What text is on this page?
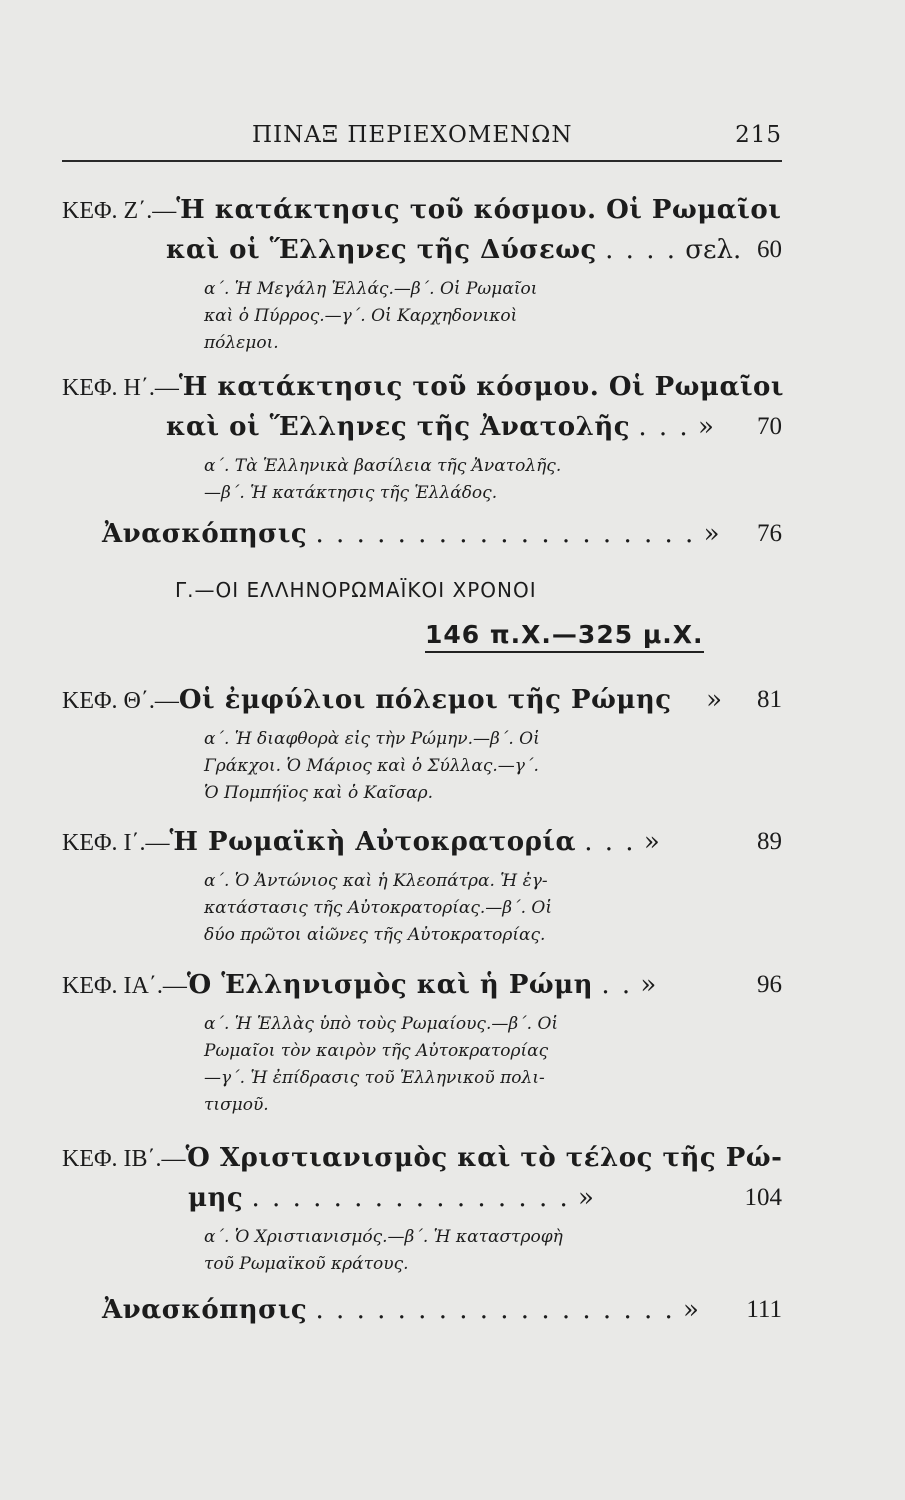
ΠΙΝΑΞ ΠΕΡΙΕΧΟΜΕΝΩΝ	215
ΚΕΦ. Ζ΄.—Ἡ κατάκτησις τοῦ κόσμου. Οἱ Ρωμαῖοι
καὶ οἱ Ἕλληνες τῆς Δύσεως . . . . σελ. 60
α΄. Ἡ Μεγάλη Ἑλλάς.—β΄. Οἱ Ρωμαῖοι
καὶ ὁ Πύρρος.—γ΄. Οἱ Καρχηδονικοὶ
πόλεμοι.
ΚΕΦ. Η΄.—Ἡ κατάκτησις τοῦ κόσμου. Οἱ Ρωμαῖοι
καὶ οἱ Ἕλληνες τῆς Ἀνατολῆς . . . » 70
α΄. Τὰ Ἑλληνικὰ βασίλεια τῆς Ἀνατολῆς.
—β΄. Ἡ κατάκτησις τῆς Ἑλλάδος.
Ἀνασκόπησις . . . . . . . . . . . . . . . . . . . » 76
Γ.—ΟΙ ΕΛΛΗΝΟΡΩΜΑΪΚΟΙ ΧΡΟΝΟΙ
146 π.Χ.—325 μ.Χ.
ΚΕΦ. Θ΄.—Οἱ ἐμφύλιοι πόλεμοι τῆς Ρώμης » 81
α΄. Ἡ διαφθορὰ εἰς τὴν Ρώμην.—β΄. Οἱ
Γράκχοι. Ὁ Μάριος καὶ ὁ Σύλλας.—γ΄.
Ὁ Πομπήϊος καὶ ὁ Καῖσαρ.
ΚΕΦ. Ι΄.—Ἡ Ρωμαϊκὴ Αὐτοκρατορία . . . »	89
α΄. Ὁ Ἀντώνιος καὶ ἡ Κλεοπάτρα. Ἡ ἐγ-
κατάστασις τῆς Αὐτοκρατορίας.—β΄. Οἱ
δύο πρῶτοι αἰῶνες τῆς Αὐτοκρατορίας.
ΚΕΦ. ΙΑ΄.—Ὁ Ἑλληνισμὸς καὶ ἡ Ρώμη . . »	96
α΄. Ἡ Ἑλλὰς ὑπὸ τοὺς Ρωμαίους.—β΄. Οἱ
Ρωμαῖοι τὸν καιρὸν τῆς Αὐτοκρατορίας
—γ΄. Ἡ ἐπίδρασις τοῦ Ἑλληνικοῦ πολι-
τισμοῦ.
ΚΕΦ. ΙΒ΄.—Ὁ Χριστιανισμὸς καὶ τὸ τέλος τῆς Ρώ-
μης . . . . . . . . . . . . . . . . »	104
α΄. Ὁ Χριστιανισμός.—β΄. Ἡ καταστροφὴ
τοῦ Ρωμαϊκοῦ κράτους.
Ἀνασκόπησις . . . . . . . . . . . . . . . . . . » 111
